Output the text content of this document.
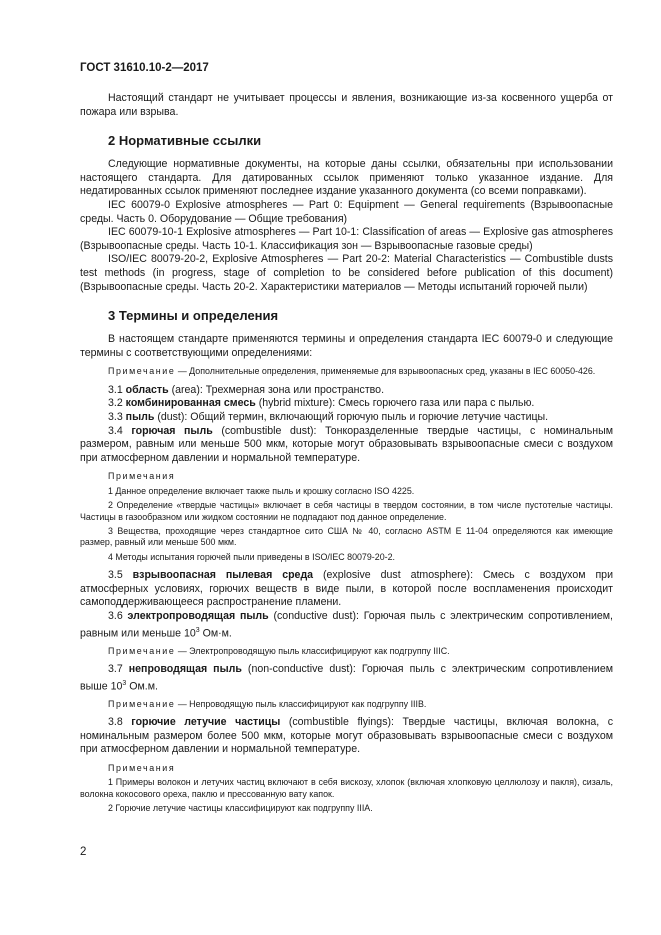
ГОСТ 31610.10-2—2017

Настоящий стандарт не учитывает процессы и явления, возникающие из-за косвенного ущерба от пожара или взрыва.

2 Нормативные ссылки

Следующие нормативные документы, на которые даны ссылки, обязательны при использовании настоящего стандарта. Для датированных ссылок применяют только указанное издание. Для недатированных ссылок применяют последнее издание указанного документа (со всеми поправками).

IEC 60079-0 Explosive atmospheres — Part 0: Equipment — General requirements (Взрывоопасные среды. Часть 0. Оборудование — Общие требования)

IEC 60079-10-1 Explosive atmospheres — Part 10-1: Classification of areas — Explosive gas atmospheres (Взрывоопасные среды. Часть 10-1. Классификация зон — Взрывоопасные газовые среды)

ISO/IEC 80079-20-2, Explosive Atmospheres — Part 20-2: Material Characteristics — Combustible dusts test methods (in progress, stage of completion to be considered before publication of this document) (Взрывоопасные среды. Часть 20-2. Характеристики материалов — Методы испытаний горючей пыли)

3 Термины и определения

В настоящем стандарте применяются термины и определения стандарта IEC 60079-0 и следующие термины с соответствующими определениями:

Примечание — Дополнительные определения, применяемые для взрывоопасных сред, указаны в IEC 60050-426.

3.1 область (area): Трехмерная зона или пространство.

3.2 комбинированная смесь (hybrid mixture): Смесь горючего газа или пара с пылью.

3.3 пыль (dust): Общий термин, включающий горючую пыль и горючие летучие частицы.

3.4 горючая пыль (combustible dust): Тонкоразделенные твердые частицы, с номинальным размером, равным или меньше 500 мкм, которые могут образовывать взрывоопасные смеси с воздухом при атмосферном давлении и нормальной температуре.

Примечания

1 Данное определение включает также пыль и крошку согласно ISO 4225.

2 Определение «твердые частицы» включает в себя частицы в твердом состоянии, в том числе пустотелые частицы. Частицы в газообразном или жидком состоянии не подпадают под данное определение.

3 Вещества, проходящие через стандартное сито США № 40, согласно ASTM E 11-04 определяются как имеющие размер, равный или меньше 500 мкм.

4 Методы испытания горючей пыли приведены в ISO/IEC 80079-20-2.

3.5 взрывоопасная пылевая среда (explosive dust atmosphere): Смесь с воздухом при атмосферных условиях, горючих веществ в виде пыли, в которой после воспламенения происходит самоподдерживающееся распространение пламени.

3.6 электропроводящая пыль (conductive dust): Горючая пыль с электрическим сопротивлением, равным или меньше $10^3$ Ом·м.

Примечание — Электропроводящую пыль классифицируют как подгруппу IIIC.

3.7 непроводящая пыль (non-conductive dust): Горючая пыль с электрическим сопротивлением выше $10^3$ Ом.м.

Примечание — Непроводящую пыль классифицируют как подгруппу IIIB.

3.8 горючие летучие частицы (combustible flyings): Твердые частицы, включая волокна, с номинальным размером более 500 мкм, которые могут образовывать взрывоопасные смеси с воздухом при атмосферном давлении и нормальной температуре.

Примечания

1 Примеры волокон и летучих частиц включают в себя вискозу, хлопок (включая хлопковую целлюлозу и пакля), сизаль, волокна кокосового ореха, паклю и прессованную вату капок.

2 Горючие летучие частицы классифицируют как подгруппу IIIA.

2
